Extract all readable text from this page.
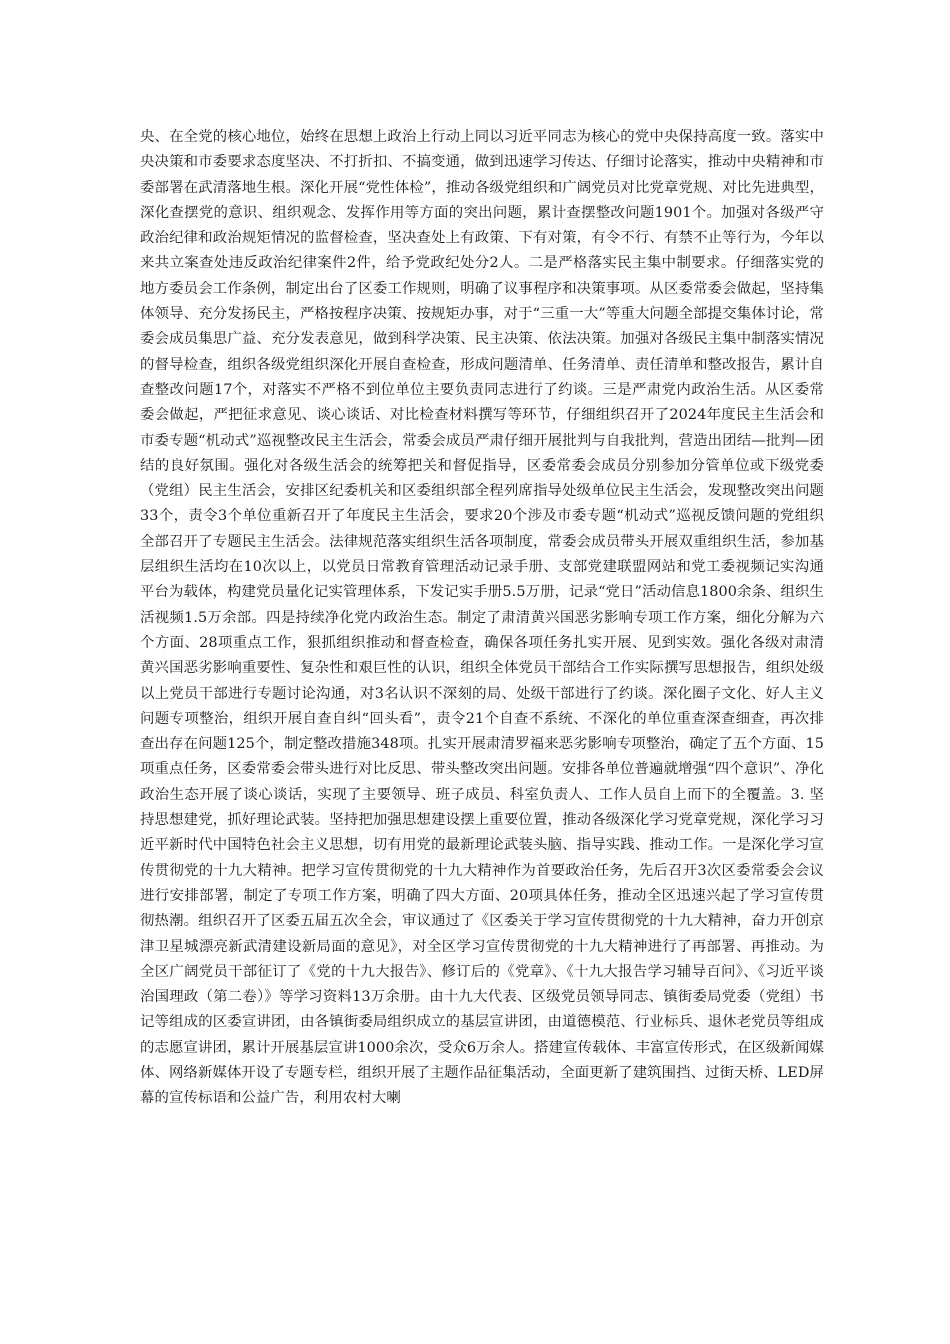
央、在全党的核心地位，始终在思想上政治上行动上同以习近平同志为核心的党中央保持高度一致。落实中央决策和市委要求态度坚决、不打折扣、不搞变通，做到迅速学习传达、仔细讨论落实，推动中央精神和市委部署在武清落地生根。深化开展“党性体检”，推动各级党组织和广阔党员对比党章党规、对比先进典型，深化查摆党的意识、组织观念、发挥作用等方面的突出问题，累计查摆整改问题1901个。加强对各级严守政治纪律和政治规矩情况的监督检查，坚决查处上有政策、下有对策，有令不行、有禁不止等行为，今年以来共立案查处违反政治纪律案件2件，给予党政纪处分2人。二是严格落实民主集中制要求。仔细落实党的地方委员会工作条例，制定出台了区委工作规则，明确了议事程序和决策事项。从区委常委会做起，坚持集体领导、充分发扬民主，严格按程序决策、按规矩办事，对于“三重一大”等重大问题全部提交集体讨论，常委会成员集思广益、充分发表意见，做到科学决策、民主决策、依法决策。加强对各级民主集中制落实情况的督导检查，组织各级党组织深化开展自查检查，形成问题清单、任务清单、责任清单和整改报告，累计自查整改问题17个，对落实不严格不到位单位主要负责同志进行了约谈。三是严肃党内政治生活。从区委常委会做起，严把征求意见、谈心谈话、对比检查材料撰写等环节，仔细组织召开了2024年度民主生活会和市委专题“机动式”巡视整改民主生活会，常委会成员严肃仔细开展批判与自我批判，营造出团结—批判—团结的良好氛围。强化对各级生活会的统筹把关和督促指导，区委常委会成员分别参加分管单位或下级党委（党组）民主生活会，安排区纪委机关和区委组织部全程列席指导处级单位民主生活会，发现整改突出问题33个，责令3个单位重新召开了年度民主生活会，要求20个涉及市委专题“机动式”巡视反馈问题的党组织全部召开了专题民主生活会。法律规范落实组织生活各项制度，常委会成员带头开展双重组织生活，参加基层组织生活均在10次以上，以党员日常教育管理活动记录手册、支部党建联盟网站和党工委视频记实沟通平台为载体，构建党员量化记实管理体系，下发记实手册5.5万册，记录“党日”活动信息1800余条、组织生活视频1.5万余部。四是持续净化党内政治生态。制定了肃清黄兴国恶劣影响专项工作方案，细化分解为六个方面、28项重点工作，狠抓组织推动和督查检查，确保各项任务扎实开展、见到实效。强化各级对肃清黄兴国恶劣影响重要性、复杂性和艰巨性的认识，组织全体党员干部结合工作实际撰写思想报告，组织处级以上党员干部进行专题讨论沟通，对3名认识不深刻的局、处级干部进行了约谈。深化圈子文化、好人主义问题专项整治，组织开展自查自纠“回头看”，责令21个自查不系统、不深化的单位重查深查细查，再次排查出存在问题125个，制定整改措施348项。扎实开展肃清罗福来恶劣影响专项整治，确定了五个方面、15项重点任务，区委常委会带头进行对比反思、带头整改突出问题。安排各单位普遍就增强“四个意识”、净化政治生态开展了谈心谈话，实现了主要领导、班子成员、科室负责人、工作人员自上而下的全覆盖。3. 坚持思想建党，抓好理论武装。坚持把加强思想建设摆上重要位置，推动各级深化学习党章党规，深化学习习近平新时代中国特色社会主义思想，切有用党的最新理论武装头脑、指导实践、推动工作。一是深化学习宣传贯彻党的十九大精神。把学习宣传贯彻党的十九大精神作为首要政治任务，先后召开3次区委常委会会议进行安排部署，制定了专项工作方案，明确了四大方面、20项具体任务，推动全区迅速兴起了学习宣传贯彻热潮。组织召开了区委五届五次全会，审议通过了《区委关于学习宣传贯彻党的十九大精神，奋力开创京津卫星城漂亮新武清建设新局面的意见》，对全区学习宣传贯彻党的十九大精神进行了再部署、再推动。为全区广阔党员干部征订了《党的十九大报告》、修订后的《党章》、《十九大报告学习辅导百问》、《习近平谈治国理政（第二卷）》等学习资料13万余册。由十九大代表、区级党员领导同志、镇街委局党委（党组）书记等组成的区委宣讲团，由各镇街委局组织成立的基层宣讲团，由道德模范、行业标兵、退休老党员等组成的志愿宣讲团，累计开展基层宣讲1000余次，受众6万余人。搭建宣传载体、丰富宣传形式，在区级新闻媒体、网络新媒体开设了专题专栏，组织开展了主题作品征集活动，全面更新了建筑围挡、过街天桥、LED屏幕的宣传标语和公益广告，利用农村大喇
